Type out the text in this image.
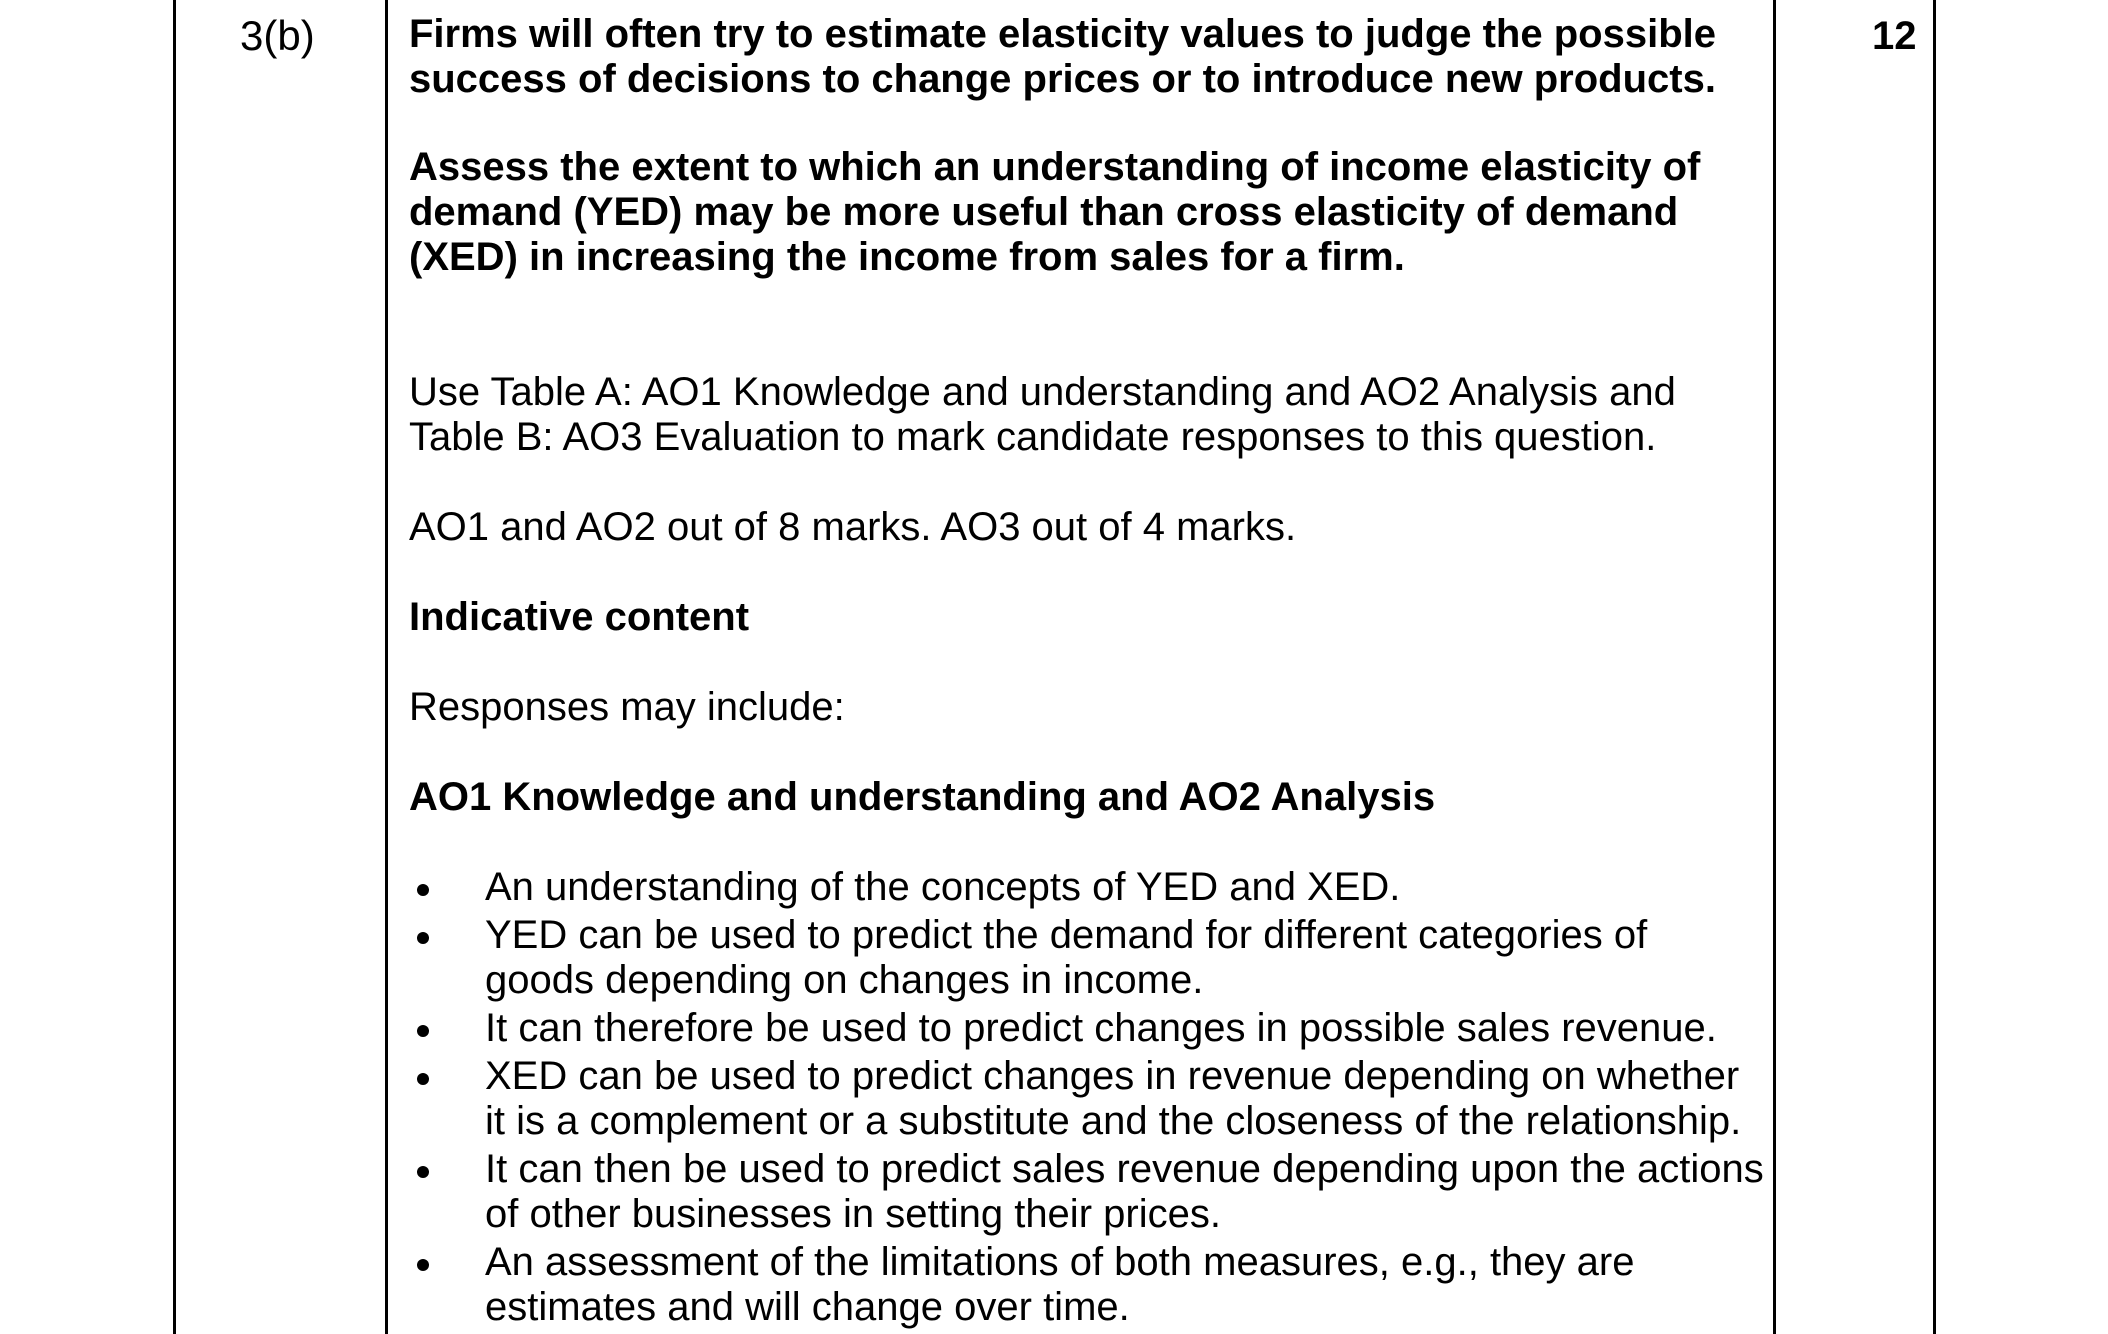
3(b)	12

Firms will often try to estimate elasticity values to judge the possible success of decisions to change prices or to introduce new products.

Assess the extent to which an understanding of income elasticity of demand (YED) may be more useful than cross elasticity of demand (XED) in increasing the income from sales for a firm.

Use Table A: AO1 Knowledge and understanding and AO2 Analysis and Table B: AO3 Evaluation to mark candidate responses to this question.

AO1 and AO2 out of 8 marks. AO3 out of 4 marks.

Indicative content

Responses may include:

AO1 Knowledge and understanding and AO2 Analysis

An understanding of the concepts of YED and XED.
YED can be used to predict the demand for different categories of goods depending on changes in income.
It can therefore be used to predict changes in possible sales revenue.
XED can be used to predict changes in revenue depending on whether it is a complement or a substitute and the closeness of the relationship.
It can then be used to predict sales revenue depending upon the actions of other businesses in setting their prices.
An assessment of the limitations of both measures, e.g., they are estimates and will change over time.
